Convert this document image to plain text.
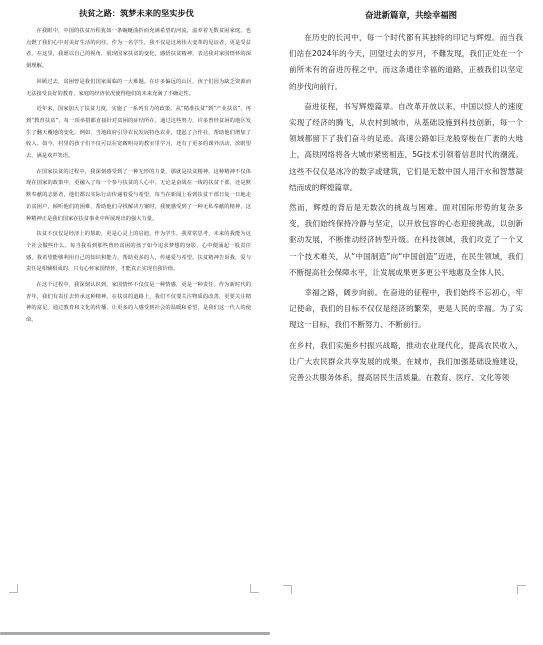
扶贫之路：筑梦未来的坚实步伐

在我眼中，中国的扶贫历程犹如一条蜿蜒曲折而充满希望的河流，滋养着无数贫困家庭，也点燃了我们心中对美好生活的向往。作为一名学生，我不仅是这场伟大变革的见证者，更是受益者。在这里，我愿以自己的视角，展现国家扶贫的变化，感悟扶贫精神，表达我对家国情怀的深刻理解。

回顾过去，贫困曾是我们国家面临的一大难题。在许多偏远的山区，孩子们因为缺乏资源而无法接受良好的教育，家庭的经济状况使得他们的未来充满了不确定性。

近年来，国家加大了扶贫力度，实施了一系列有力的政策。从“精准扶贫”到“产业扶贫”，再到“教育扶贫”，每一项举措都直接针对贫困的症结所在。通过这些努力，许多曾经贫困的地区发生了翻天覆地的变化。例如，当地政府引导农民发展特色农业，建起了合作社，帮助他们增加了收入。如今，村里的孩子们不仅可以在宽敞明亮的教室里学习，还有了更多的课外活动，放眼望去，满是欢声笑语。

在国家扶贫的过程中，我深刻感受到了一种无形的力量，那就是扶贫精神。这种精神不仅体现在国家的政策中，更融入了每一个参与扶贫的人心中。无论是奋战在一线的扶贫干部，还是默默奉献的志愿者，他们都以实际行动传递着爱与希望。每当在新闻上看到扶贫干部日复一日地走访贫困户，倾听他们的困难，帮助他们寻找解决方案时，我便感受到了一种无私奉献的精神，这种精神正是我们国家在扶贫事业中所展现出的强大力量。

扶贫不仅仅是经济上的帮助，更是心灵上的启迪。作为学生，我常常思考，未来的我能为这个社会做些什么。每当我看到那些曾经贫困的孩子如今追求梦想的身影，心中便涌起一股责任感，我希望能够利用自己的知识和能力，帮助更多的人，传递爱与希望。扶贫精神告诉我，爱与责任是相辅相成的，只有心怀家国情怀，才能真正实现自我价值。

在这个过程中，我深刻认识到，家国情怀不仅仅是一种情感，更是一种责任。作为新时代的青年，我们有责任去传承这种精神。在扶贫的道路上，我们不仅要关注物质的改善，更要关注精神的富足。通过教育和文化的传播，让更多的人感受到社会的温暖和希望，是我们这一代人的使命。

奋进新篇章，共绘幸福图

在历史的长河中，每一个时代都有其独特的印记与辉煌。而当我们站在2024年的今天，回望过去的岁月，不難发现，我们正处在一个前所未有的奋进历程之中，而这条通往幸福的道路，正被我们以坚定的步伐向前行。

奋进征程，书写辉煌篇章。自改革开放以来，中国以惊人的速度实现了经济的腾飞，从农村到城市，从基础设施到科技创新，每一个领域都留下了我们奋斗的足迹。高速公路如巨龙般穿梭在广袤的大地上，高铁网络将各大城市紧密相连，5G技术引领着信息时代的潮流。这些不仅仅是冰冷的数字或建筑，它们是无数中国人用汗水和智慧凝结而成的辉煌篇章。

然而，辉煌的背后是无数次的挑战与困难。面对国际形势的复杂多变，我们始终保持冷静与坚定，以开放包容的心态迎接挑战，以创新驱动发展，不断推动经济转型升级。在科技领域，我们攻克了一个又一个技术难关，从“中国制造”向“中国创造”迈进，在民生领域，我们不断提高社会保障水平，让发展成果更多更公平地惠及全体人民。

幸福之路，阔步向前。在奋进的征程中，我们始终不忘初心，牢记使命，我们的目标不仅仅是经济的繁荣，更是人民的幸福。为了实现这一目标，我们不断努力、不断前行。

在乡村，我们实施乡村振兴战略，推动农业现代化，提高农民收入，让广大农民群众共享发展的成果。在城市，我们加强基础设施建设，完善公共服务体系，提高居民生活质量。在教育、医疗、文化等领
